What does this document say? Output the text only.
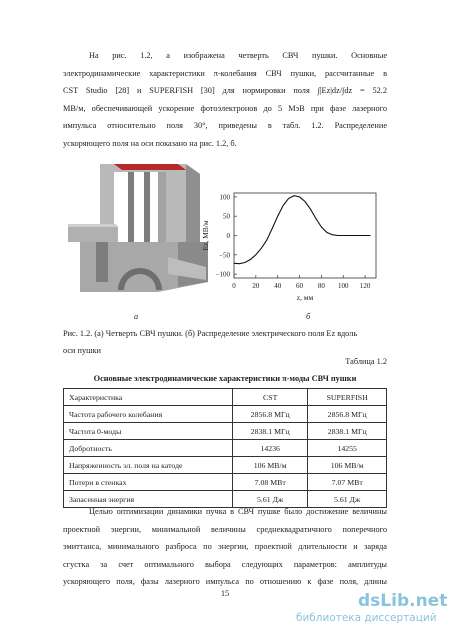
На рис. 1.2, а изображена четверть СВЧ пушки. Основные
электродинамические характеристики π-колебания СВЧ пушки, рассчитанные в
CST Studio [28] и SUPERFISH [30] для нормировки поля ∫|Ez|dz/∫dz = 52.2
МВ/м, обеспечивающей ускорение фотоэлектронов до 5 МэВ при фазе лазерного
импульса относительно поля 30°, приведены в табл. 1.2. Распределение
ускоряющего поля на оси показано на рис. 1.2, б.
0 20 40 60 80 100 120
100
50
0
−50
−100
z, мм
Ez, МВ/м
а	б
Рис. 1.2. (а) Четверть СВЧ пушки. (б) Распределение электрического поля Ez вдоль
оси пушки
Таблица 1.2
Основные электродинамические характеристики π-моды СВЧ пушки
Характеристика	CST	SUPERFISH
Частота рабочего колебания	2856.8 МГц	2856.8 МГц
Частота 0-моды	2838.1 МГц	2838.1 МГц
Добротность	14236	14255
Напряженность эл. поля на катоде	106 МВ/м	106 МВ/м
Потери в стенках	7.08 МВт	7.07 МВт
Запасенная энергия	5.61 Дж	5.61 Дж
Целью оптимизации динамики пучка в СВЧ пушке было достижение величины
проектной энергии, минимальной величины среднеквадратичного поперечного
эмиттанса, минимального разброса по энергии, проектной длительности и заряда
сгустка за счет оптимального выбора следующих параметров: амплитуды
ускоряющего поля, фазы лазерного импульса по отношению к фазе поля, длины
15	dsLib.net
библиотека диссертаций
